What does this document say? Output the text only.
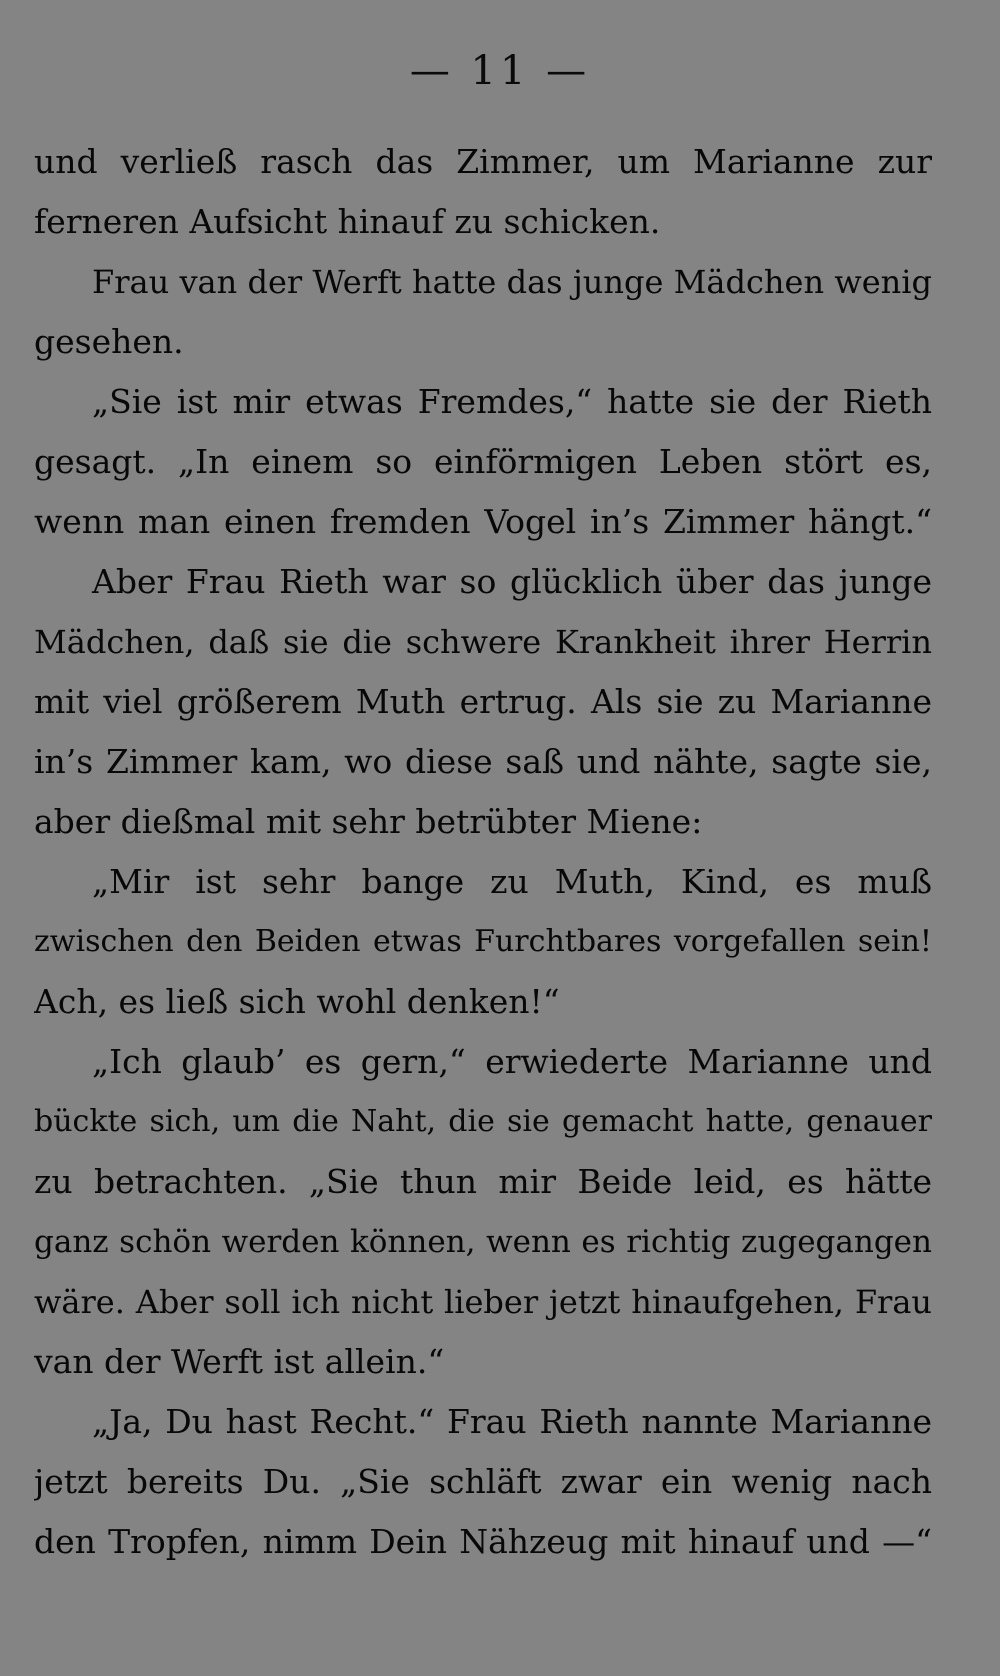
— 11 —
und verließ rasch das Zimmer, um Marianne zur
ferneren Aufsicht hinauf zu schicken.
Frau van der Werft hatte das junge Mädchen wenig
gesehen.
„Sie ist mir etwas Fremdes,“ hatte sie der Rieth
gesagt. „In einem so einförmigen Leben stört es,
wenn man einen fremden Vogel in’s Zimmer hängt.“
Aber Frau Rieth war so glücklich über das junge
Mädchen, daß sie die schwere Krankheit ihrer Herrin
mit viel größerem Muth ertrug. Als sie zu Marianne
in’s Zimmer kam, wo diese saß und nähte, sagte sie,
aber dießmal mit sehr betrübter Miene:
„Mir ist sehr bange zu Muth, Kind, es muß
zwischen den Beiden etwas Furchtbares vorgefallen sein!
Ach, es ließ sich wohl denken!“
„Ich glaub’ es gern,“ erwiederte Marianne und
bückte sich, um die Naht, die sie gemacht hatte, genauer
zu betrachten. „Sie thun mir Beide leid, es hätte
ganz schön werden können, wenn es richtig zugegangen
wäre. Aber soll ich nicht lieber jetzt hinaufgehen, Frau
van der Werft ist allein.“
„Ja, Du hast Recht.“ Frau Rieth nannte Marianne
jetzt bereits Du. „Sie schläft zwar ein wenig nach
den Tropfen, nimm Dein Nähzeug mit hinauf und —“
